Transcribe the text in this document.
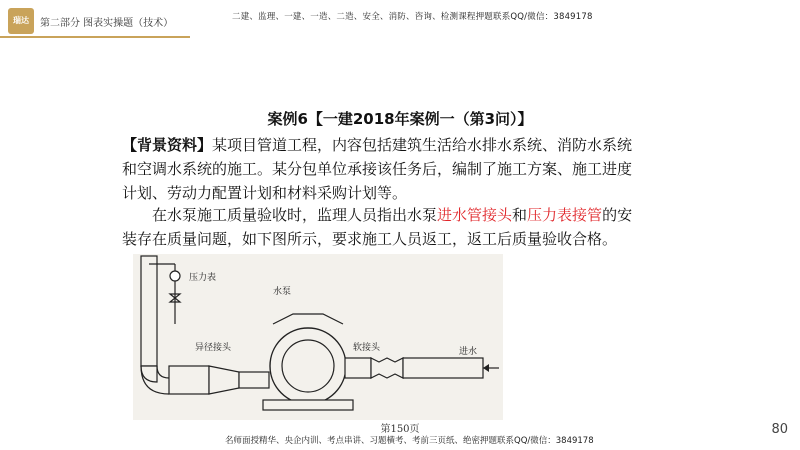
瑞达	第二部分 图表实操题（技术）
二建、监理、一建、一造、二造、安全、消防、咨询、检测课程押题联系QQ/微信：3849178
案例6【一建2018年案例一（第3问）】
【背景资料】某项目管道工程，内容包括建筑生活给水排水系统、消防水系统和空调水系统的施工。某分包单位承接该任务后，编制了施工方案、施工进度计划、劳动力配置计划和材料采购计划等。
在水泵施工质量验收时，监理人员指出水泵进水管接头和压力表接管的安装存在质量问题，如下图所示，要求施工人员返工，返工后质量验收合格。
压力表
水泵
异径接头	软接头	进水
第150页	80
名师面授精华、央企内训、考点串讲、习题横考、考前三页纸、绝密押题联系QQ/微信：3849178
